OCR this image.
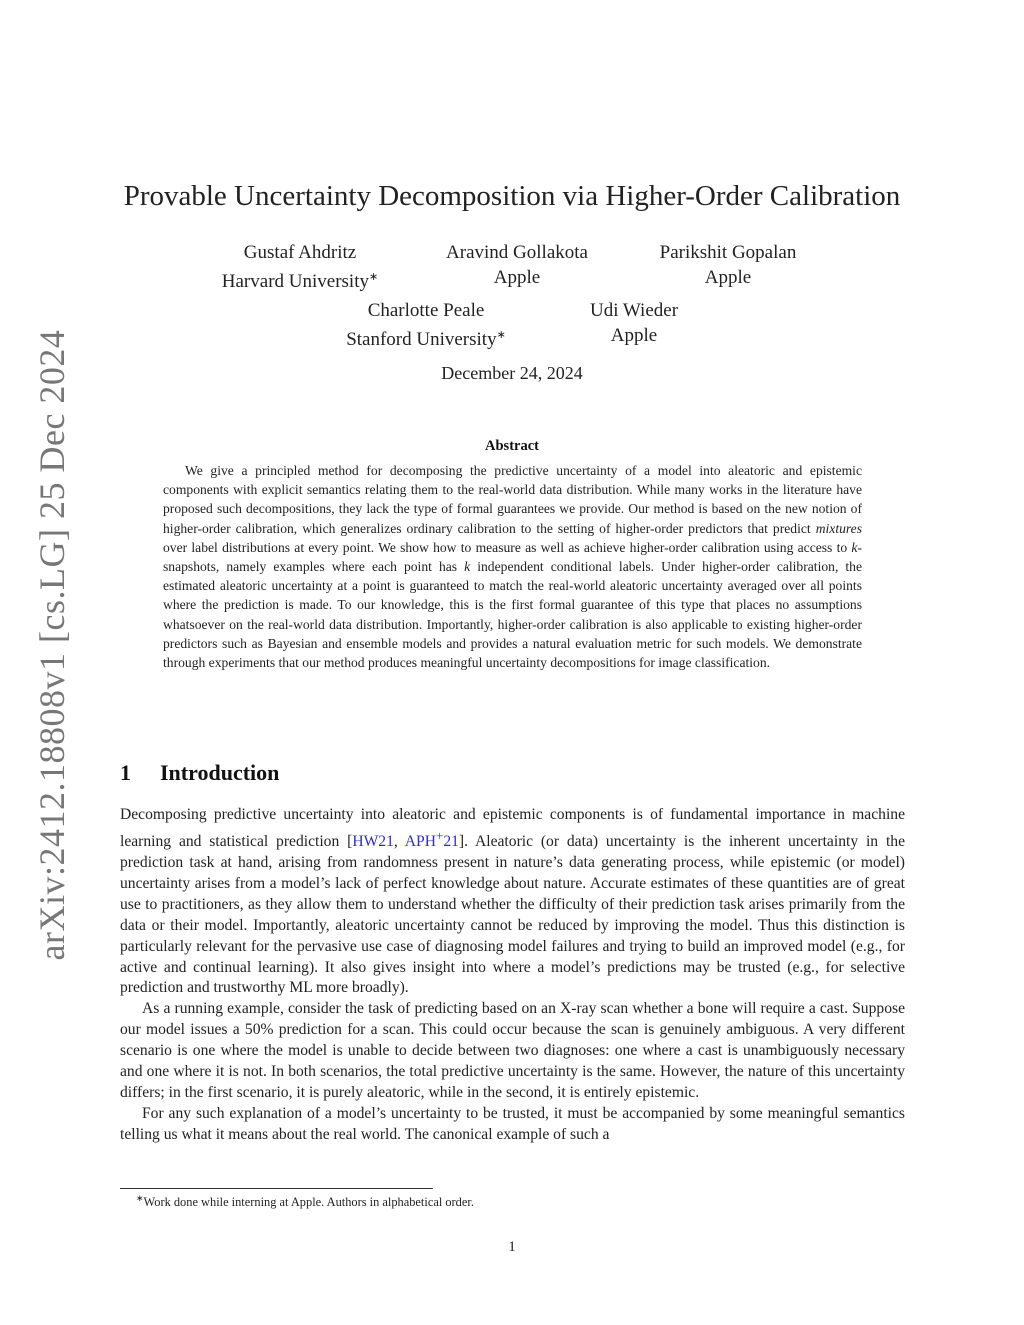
arXiv:2412.18808v1 [cs.LG] 25 Dec 2024
Provable Uncertainty Decomposition via Higher-Order Calibration
Gustaf Ahdritz
Harvard University∗
Aravind Gollakota
Apple
Parikshit Gopalan
Apple
Charlotte Peale
Stanford University∗
Udi Wieder
Apple
December 24, 2024
Abstract

We give a principled method for decomposing the predictive uncertainty of a model into aleatoric and epistemic components with explicit semantics relating them to the real-world data distribution. While many works in the literature have proposed such decompositions, they lack the type of formal guarantees we provide. Our method is based on the new notion of higher-order calibration, which generalizes ordinary calibration to the setting of higher-order predictors that predict mixtures over label distributions at every point. We show how to measure as well as achieve higher-order calibration using access to k-snapshots, namely examples where each point has k independent conditional labels. Under higher-order calibration, the estimated aleatoric uncertainty at a point is guaranteed to match the real-world aleatoric uncertainty averaged over all points where the prediction is made. To our knowledge, this is the first formal guarantee of this type that places no assumptions whatsoever on the real-world data distribution. Importantly, higher-order calibration is also applicable to existing higher-order predictors such as Bayesian and ensemble models and provides a natural evaluation metric for such models. We demonstrate through experiments that our method produces meaningful uncertainty decompositions for image classification.

1 Introduction

Decomposing predictive uncertainty into aleatoric and epistemic components is of fundamental importance in machine learning and statistical prediction [HW21, APH+21]. Aleatoric (or data) uncertainty is the inherent uncertainty in the prediction task at hand, arising from randomness present in nature’s data generating process, while epistemic (or model) uncertainty arises from a model’s lack of perfect knowledge about nature. Accurate estimates of these quantities are of great use to practitioners, as they allow them to understand whether the difficulty of their prediction task arises primarily from the data or their model. Importantly, aleatoric uncertainty cannot be reduced by improving the model. Thus this distinction is particularly relevant for the pervasive use case of diagnosing model failures and trying to build an improved model (e.g., for active and continual learning). It also gives insight into where a model’s predictions may be trusted (e.g., for selective prediction and trustworthy ML more broadly).

As a running example, consider the task of predicting based on an X-ray scan whether a bone will require a cast. Suppose our model issues a 50% prediction for a scan. This could occur because the scan is genuinely ambiguous. A very different scenario is one where the model is unable to decide between two diagnoses: one where a cast is unambiguously necessary and one where it is not. In both scenarios, the total predictive uncertainty is the same. However, the nature of this uncertainty differs; in the first scenario, it is purely aleatoric, while in the second, it is entirely epistemic.

For any such explanation of a model’s uncertainty to be trusted, it must be accompanied by some meaningful semantics telling us what it means about the real world. The canonical example of such a

∗Work done while interning at Apple. Authors in alphabetical order.
1
